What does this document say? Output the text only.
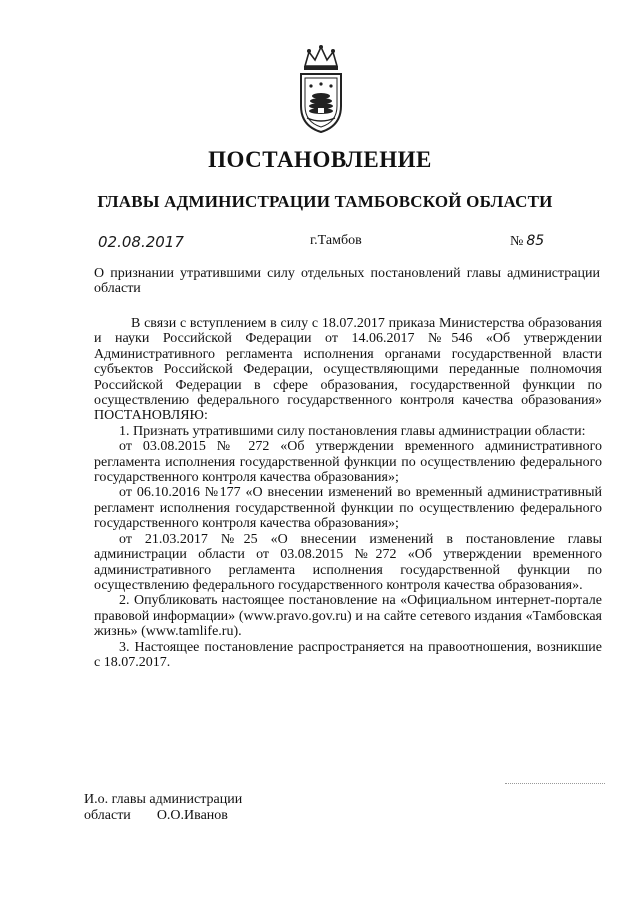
ПОСТАНОВЛЕНИЕ
ГЛАВЫ АДМИНИСТРАЦИИ ТАМБОВСКОЙ ОБЛАСТИ
02.08.2017	г.Тамбов	№ 85
О признании утратившими силу отдельных постановлений главы администрации области

В связи с вступлением в силу с 18.07.2017 приказа Министерства образования и науки Российской Федерации от 14.06.2017 №546 «Об утверждении Административного регламента исполнения органами государственной власти субъектов Российской Федерации, осуществляющими переданные полномочия Российской Федерации в сфере образования, государственной функции по осуществлению федерального государственного контроля качества образования» ПОСТАНОВЛЯЮ:

1. Признать утратившими силу постановления главы администрации области:

от 03.08.2015 № 272 «Об утверждении временного административного регламента исполнения государственной функции по осуществлению федерального государственного контроля качества образования»;

от 06.10.2016 №177 «О внесении изменений во временный административный регламент исполнения государственной функции по осуществлению федерального государственного контроля качества образования»;

от 21.03.2017 №25 «О внесении изменений в постановление главы администрации области от 03.08.2015 №272 «Об утверждении временного административного регламента исполнения государственной функции по осуществлению федерального государственного контроля качества образования».

2. Опубликовать настоящее постановление на «Официальном интернет-портале правовой информации» (www.pravo.gov.ru) и на сайте сетевого издания «Тамбовская жизнь» (www.tamlife.ru).

3. Настоящее постановление распространяется на правоотношения, возникшие с 18.07.2017.

И.о. главы администрации
области О.О.Иванов
